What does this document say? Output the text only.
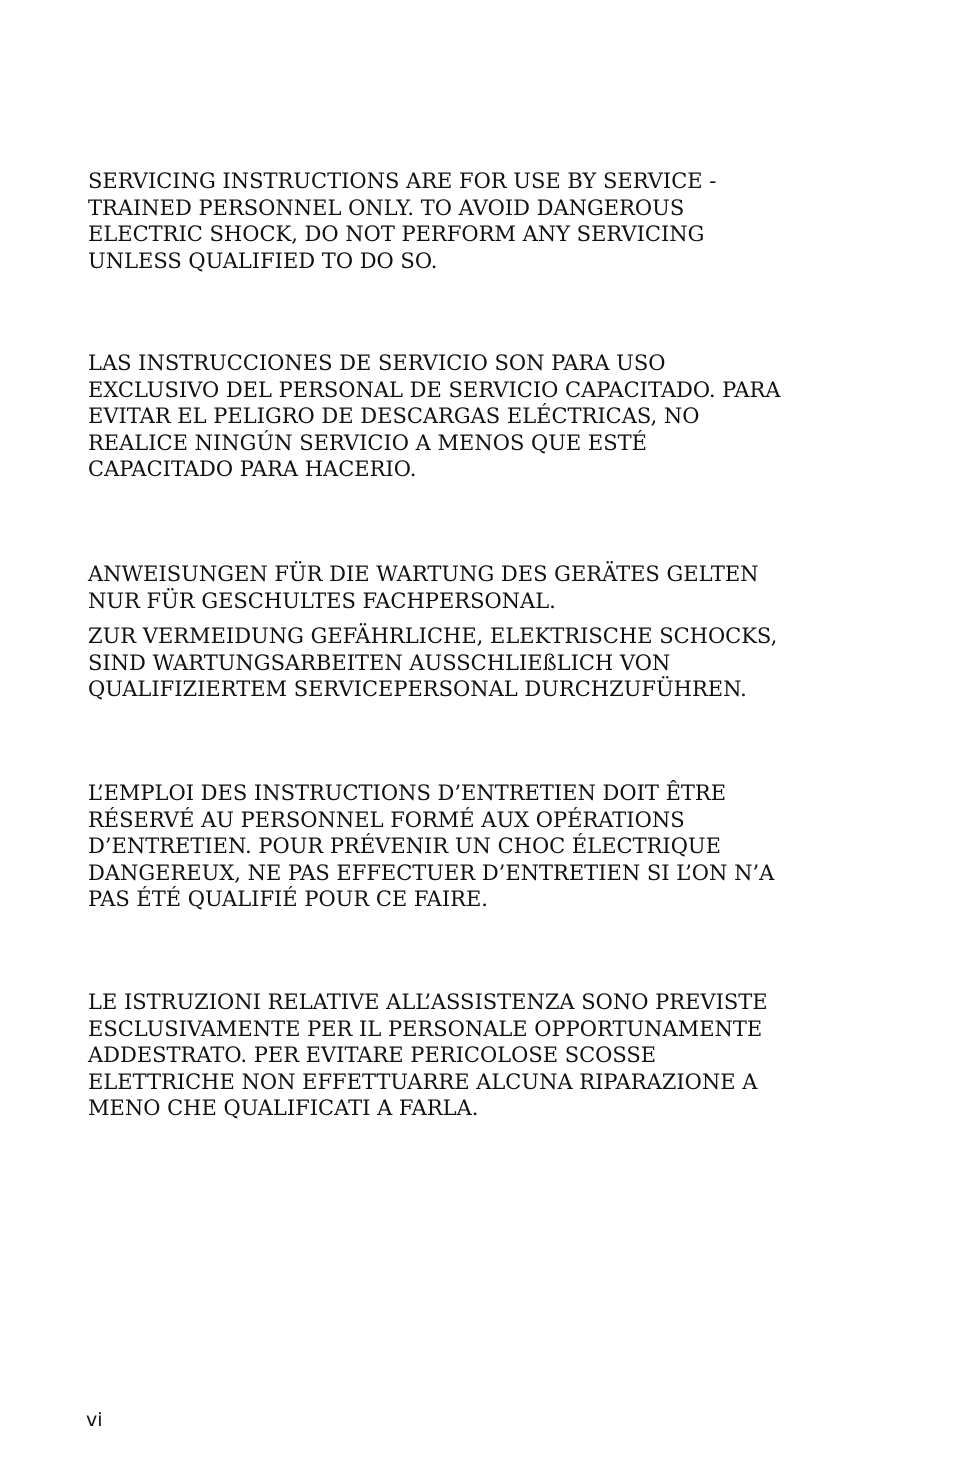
SERVICING INSTRUCTIONS ARE FOR USE BY SERVICE -
TRAINED PERSONNEL ONLY. TO AVOID DANGEROUS
ELECTRIC SHOCK, DO NOT PERFORM ANY SERVICING
UNLESS QUALIFIED TO DO SO.

LAS INSTRUCCIONES DE SERVICIO SON PARA USO
EXCLUSIVO DEL PERSONAL DE SERVICIO CAPACITADO. PARA
EVITAR EL PELIGRO DE DESCARGAS ELÉCTRICAS, NO
REALICE NINGÚN SERVICIO A MENOS QUE ESTÉ
CAPACITADO PARA HACERIO.

ANWEISUNGEN FÜR DIE WARTUNG DES GERÄTES GELTEN
NUR FÜR GESCHULTES FACHPERSONAL.

ZUR VERMEIDUNG GEFÄHRLICHE, ELEKTRISCHE SCHOCKS,
SIND WARTUNGSARBEITEN AUSSCHLIEßLICH VON
QUALIFIZIERTEM SERVICEPERSONAL DURCHZUFÜHREN.

L’EMPLOI DES INSTRUCTIONS D’ENTRETIEN DOIT ÊTRE
RÉSERVÉ AU PERSONNEL FORMÉ AUX OPÉRATIONS
D’ENTRETIEN. POUR PRÉVENIR UN CHOC ÉLECTRIQUE
DANGEREUX, NE PAS EFFECTUER D’ENTRETIEN SI L’ON N’A
PAS ÉTÉ QUALIFIÉ POUR CE FAIRE.

LE ISTRUZIONI RELATIVE ALL’ASSISTENZA SONO PREVISTE
ESCLUSIVAMENTE PER IL PERSONALE OPPORTUNAMENTE
ADDESTRATO. PER EVITARE PERICOLOSE SCOSSE
ELETTRICHE NON EFFETTUARRE ALCUNA RIPARAZIONE A
MENO CHE QUALIFICATI A FARLA.

vi
